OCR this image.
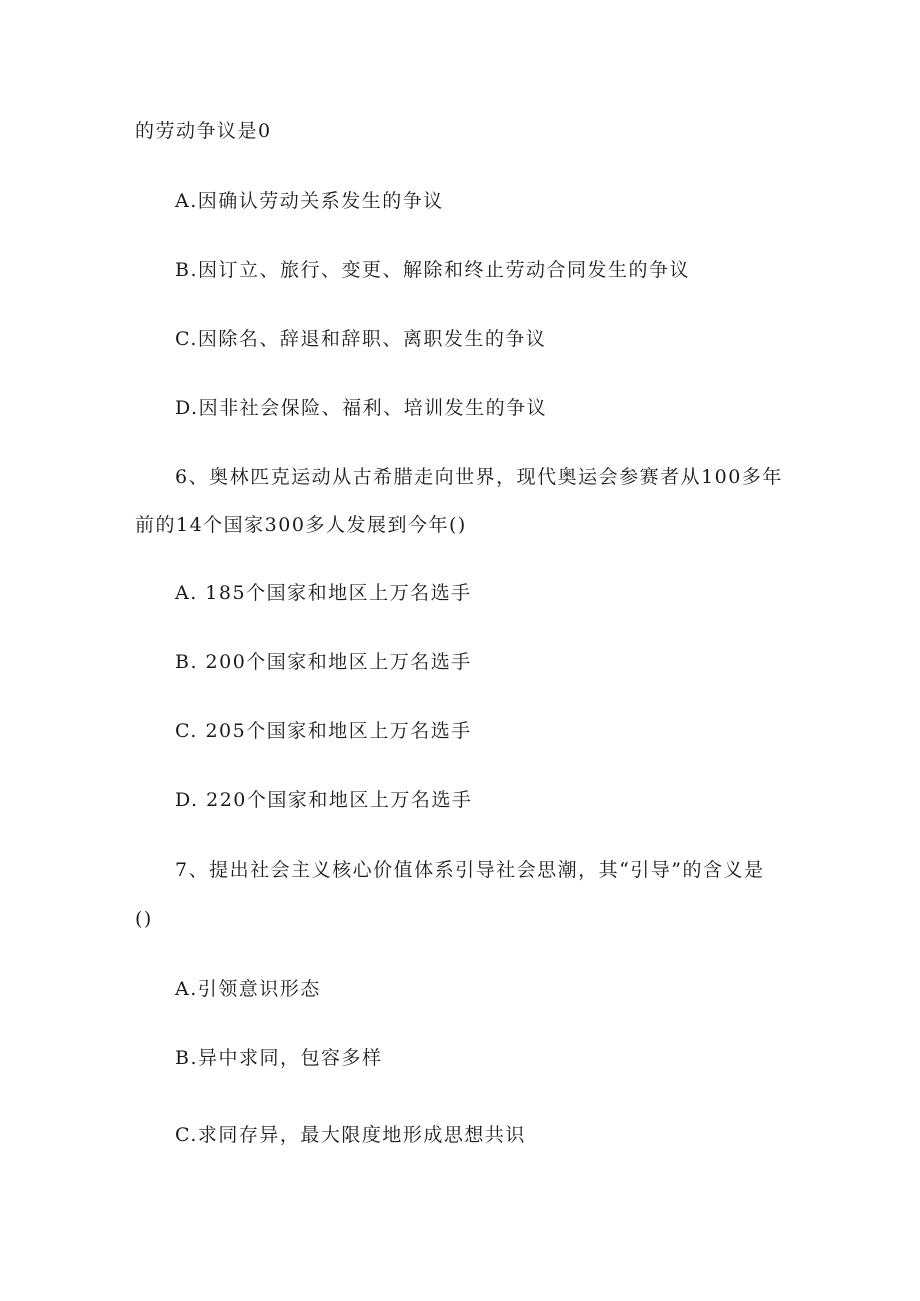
的劳动争议是0
A.因确认劳动关系发生的争议
B.因订立、旅行、变更、解除和终止劳动合同发生的争议
C.因除名、辞退和辞职、离职发生的争议
D.因非社会保险、福利、培训发生的争议
6、奥林匹克运动从古希腊走向世界，现代奥运会参赛者从100多年
前的14个国家300多人发展到今年()
A. 185个国家和地区上万名选手
B. 200个国家和地区上万名选手
C. 205个国家和地区上万名选手
D. 220个国家和地区上万名选手
7、提出社会主义核心价值体系引导社会思潮，其“引导”的含义是
()
A.引领意识形态
B.异中求同，包容多样
C.求同存异，最大限度地形成思想共识
